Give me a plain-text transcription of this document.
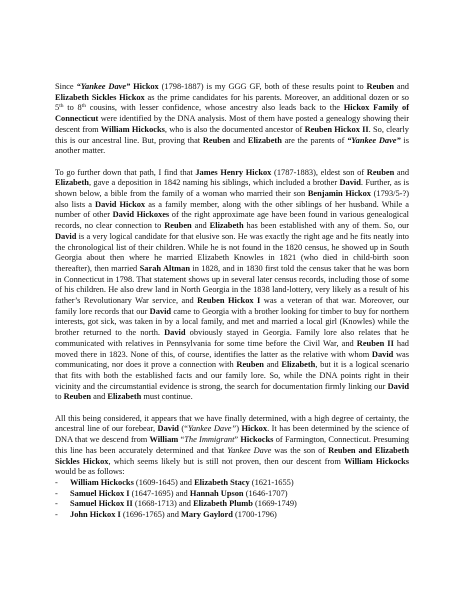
Since “Yankee Dave” Hickox (1798-1887) is my GGG GF, both of these results point to Reuben and Elizabeth Sickles Hickox as the prime candidates for his parents. Moreover, an additional dozen or so 5th to 8th cousins, with lesser confidence, whose ancestry also leads back to the Hickox Family of Connecticut were identified by the DNA analysis. Most of them have posted a genealogy showing their descent from William Hickocks, who is also the documented ancestor of Reuben Hickox II. So, clearly this is our ancestral line. But, proving that Reuben and Elizabeth are the parents of “Yankee Dave” is another matter.

To go further down that path, I find that James Henry Hickox (1787-1883), eldest son of Reuben and Elizabeth, gave a deposition in 1842 naming his siblings, which included a brother David. Further, as is shown below, a bible from the family of a woman who married their son Benjamin Hickox (1793/5-?) also lists a David Hickox as a family member, along with the other siblings of her husband. While a number of other David Hickoxes of the right approximate age have been found in various genealogical records, no clear connection to Reuben and Elizabeth has been established with any of them. So, our David is a very logical candidate for that elusive son. He was exactly the right age and he fits neatly into the chronological list of their children. While he is not found in the 1820 census, he showed up in South Georgia about then where he married Elizabeth Knowles in 1821 (who died in child-birth soon thereafter), then married Sarah Altman in 1828, and in 1830 first told the census taker that he was born in Connecticut in 1798. That statement shows up in several later census records, including those of some of his children. He also drew land in North Georgia in the 1838 land-lottery, very likely as a result of his father’s Revolutionary War service, and Reuben Hickox I was a veteran of that war. Moreover, our family lore records that our David came to Georgia with a brother looking for timber to buy for northern interests, got sick, was taken in by a local family, and met and married a local girl (Knowles) while the brother returned to the north. David obviously stayed in Georgia. Family lore also relates that he communicated with relatives in Pennsylvania for some time before the Civil War, and Reuben II had moved there in 1823. None of this, of course, identifies the latter as the relative with whom David was communicating, nor does it prove a connection with Reuben and Elizabeth, but it is a logical scenario that fits with both the established facts and our family lore. So, while the DNA points right in their vicinity and the circumstantial evidence is strong, the search for documentation firmly linking our David to Reuben and Elizabeth must continue.

All this being considered, it appears that we have finally determined, with a high degree of certainty, the ancestral line of our forebear, David (“Yankee Dave”) Hickox. It has been determined by the science of DNA that we descend from William “The Immigrant” Hickocks of Farmington, Connecticut. Presuming this line has been accurately determined and that Yankee Dave was the son of Reuben and Elizabeth Sickles Hickox, which seems likely but is still not proven, then our descent from William Hickocks would be as follows:

-	William Hickocks (1609-1645) and Elizabeth Stacy (1621-1655)
-	Samuel Hickox I (1647-1695) and Hannah Upson (1646-1707)
-	Samuel Hickox II (1668-1713) and Elizabeth Plumb (1669-1749)
-	John Hickox I (1696-1765) and Mary Gaylord (1700-1796)
